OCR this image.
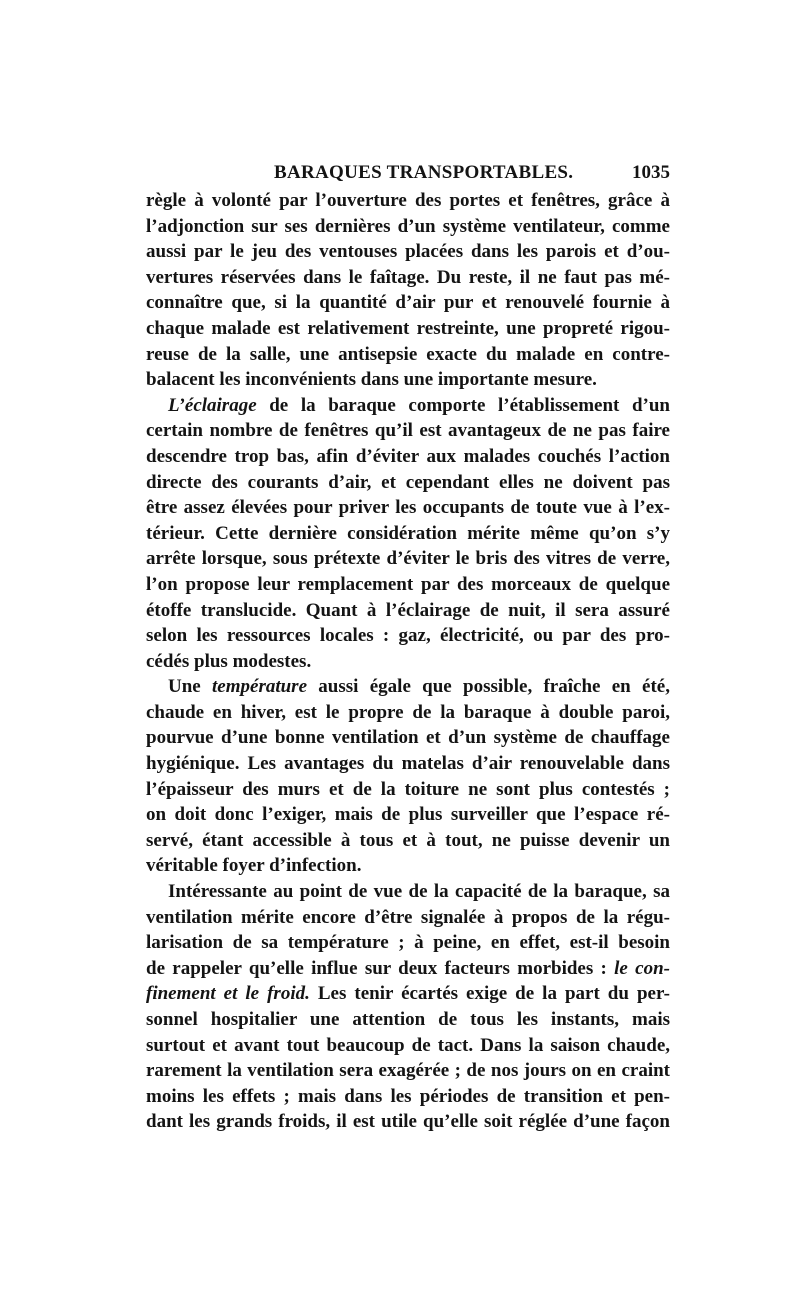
BARAQUES TRANSPORTABLES.	1035
règle à volonté par l’ouverture des portes et fenêtres, grâce à
l’adjonction sur ses dernières d’un système ventilateur, comme
aussi par le jeu des ventouses placées dans les parois et d’ou-
vertures réservées dans le faîtage. Du reste, il ne faut pas mé-
connaître que, si la quantité d’air pur et renouvelé fournie à
chaque malade est relativement restreinte, une propreté rigou-
reuse de la salle, une antisepsie exacte du malade en contre-
balacent les inconvénients dans une importante mesure.
L’éclairage de la baraque comporte l’établissement d’un
certain nombre de fenêtres qu’il est avantageux de ne pas faire
descendre trop bas, afin d’éviter aux malades couchés l’action
directe des courants d’air, et cependant elles ne doivent pas
être assez élevées pour priver les occupants de toute vue à l’ex-
térieur. Cette dernière considération mérite même qu’on s’y
arrête lorsque, sous prétexte d’éviter le bris des vitres de verre,
l’on propose leur remplacement par des morceaux de quelque
étoffe translucide. Quant à l’éclairage de nuit, il sera assuré
selon les ressources locales : gaz, électricité, ou par des pro-
cédés plus modestes.
Une température aussi égale que possible, fraîche en été,
chaude en hiver, est le propre de la baraque à double paroi,
pourvue d’une bonne ventilation et d’un système de chauffage
hygiénique. Les avantages du matelas d’air renouvelable dans
l’épaisseur des murs et de la toiture ne sont plus contestés ;
on doit donc l’exiger, mais de plus surveiller que l’espace ré-
servé, étant accessible à tous et à tout, ne puisse devenir un
véritable foyer d’infection.
Intéressante au point de vue de la capacité de la baraque, sa
ventilation mérite encore d’être signalée à propos de la régu-
larisation de sa température ; à peine, en effet, est-il besoin
de rappeler qu’elle influe sur deux facteurs morbides : le con-
finement et le froid. Les tenir écartés exige de la part du per-
sonnel hospitalier une attention de tous les instants, mais
surtout et avant tout beaucoup de tact. Dans la saison chaude,
rarement la ventilation sera exagérée ; de nos jours on en craint
moins les effets ; mais dans les périodes de transition et pen-
dant les grands froids, il est utile qu’elle soit réglée d’une façon
